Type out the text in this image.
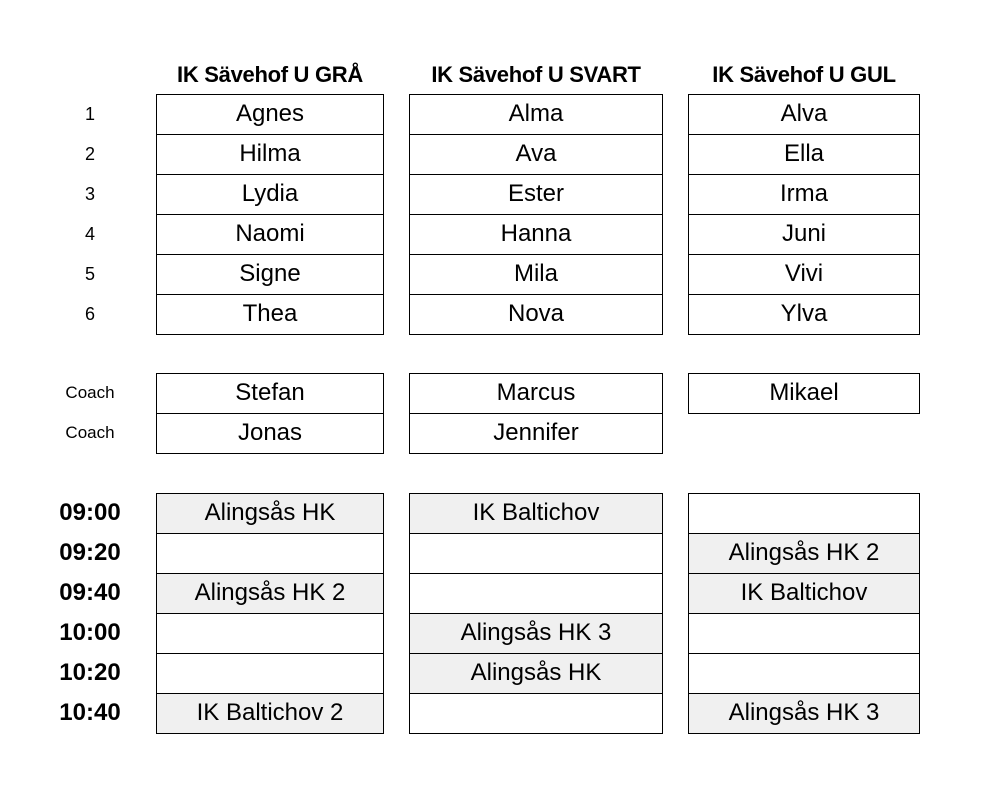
IK Sävehof U GRÅ	IK Sävehof U SVART	IK Sävehof U GUL
1
2
3
4
5
6
Agnes
Hilma
Lydia
Naomi
Signe
Thea
Alma
Ava
Ester
Hanna
Mila
Nova
Alva
Ella
Irma
Juni
Vivi
Ylva
Coach
Coach
Stefan
Jonas
Marcus
Jennifer
Mikael
09:00
09:20
09:40
10:00
10:20
10:40
Alingsås HK
Alingsås HK 2
IK Baltichov 2
IK Baltichov
Alingsås HK 3
Alingsås HK
Alingsås HK 2
IK Baltichov
Alingsås HK 3
